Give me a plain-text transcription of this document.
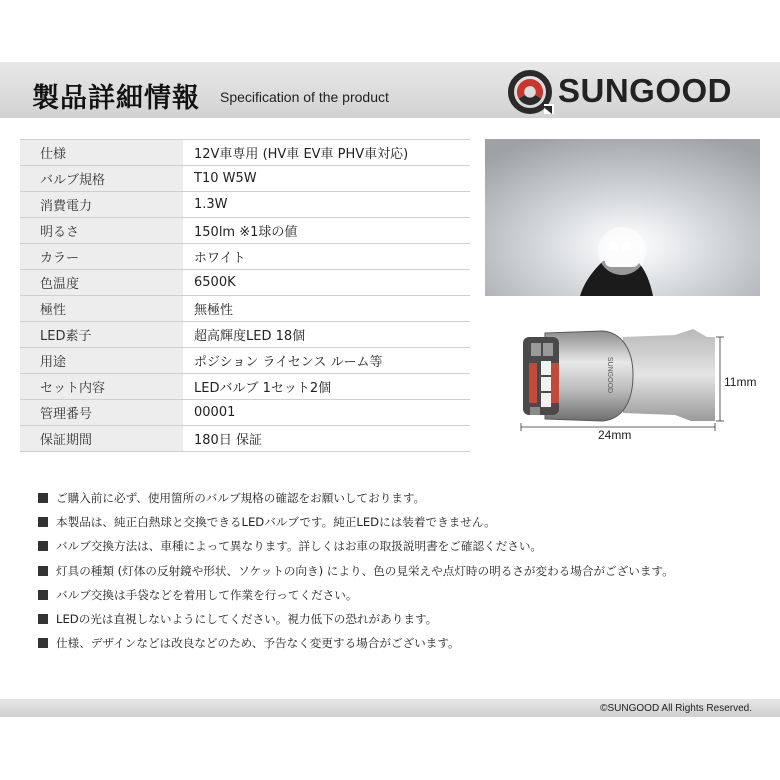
製品詳細情報 Specification of the product	SUNGOOD
仕様	12V車専用 (HV車 EV車 PHV車対応)
バルブ規格	T10 W5W
消費電力	1.3W
明るさ	150lm ※1球の値
カラー	ホワイト
色温度	6500K
極性	無極性
LED素子	超高輝度LED 18個
用途	ポジション ライセンス ルーム等
セット内容	LEDバルブ 1セット2個
管理番号	00001
保証期間	180日 保証
SUNGOOD
24mm
11mm
ご購入前に必ず、使用箇所のバルブ規格の確認をお願いしております。
本製品は、純正白熱球と交換できるLEDバルブです。純正LEDには装着できません。
バルブ交換方法は、車種によって異なります。詳しくはお車の取扱説明書をご確認ください。
灯具の種類 (灯体の反射鏡や形状、ソケットの向き) により、色の見栄えや点灯時の明るさが変わる場合がございます。
バルブ交換は手袋などを着用して作業を行ってください。
LEDの光は直視しないようにしてください。視力低下の恐れがあります。
仕様、デザインなどは改良などのため、予告なく変更する場合がございます。
©SUNGOOD All Rights Reserved.
